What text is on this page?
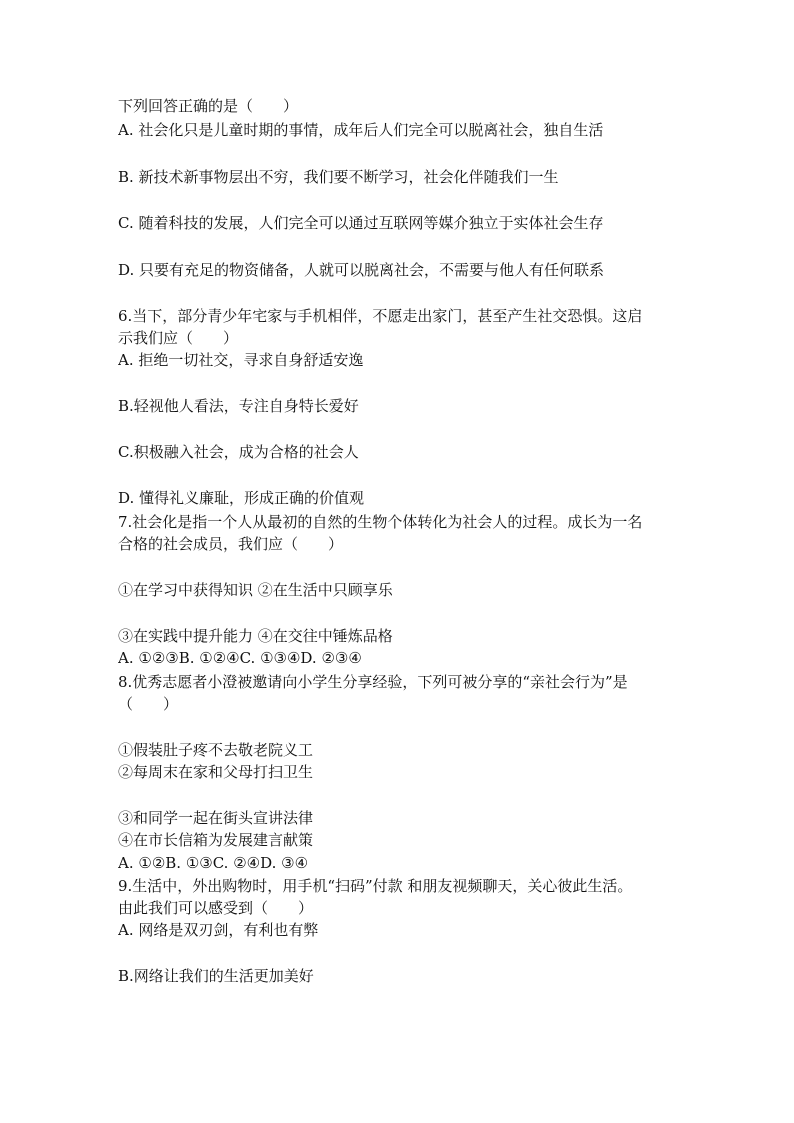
下列回答正确的是（　　）
A. 社会化只是儿童时期的事情，成年后人们完全可以脱离社会，独自生活
B. 新技术新事物层出不穷，我们要不断学习，社会化伴随我们一生
C. 随着科技的发展，人们完全可以通过互联网等媒介独立于实体社会生存
D. 只要有充足的物资储备，人就可以脱离社会，不需要与他人有任何联系
6.当下，部分青少年宅家与手机相伴，不愿走出家门，甚至产生社交恐惧。这启
示我们应（　　）
A. 拒绝一切社交，寻求自身舒适安逸
B.轻视他人看法，专注自身特长爱好
C.积极融入社会，成为合格的社会人
D. 懂得礼义廉耻，形成正确的价值观
7.社会化是指一个人从最初的自然的生物个体转化为社会人的过程。成长为一名
合格的社会成员，我们应（　　）
①在学习中获得知识 ②在生活中只顾享乐
③在实践中提升能力 ④在交往中锤炼品格
A. ①②③B. ①②④C. ①③④D. ②③④
8.优秀志愿者小澄被邀请向小学生分享经验，下列可被分享的“亲社会行为”是
（　　）
①假装肚子疼不去敬老院义工
②每周末在家和父母打扫卫生
③和同学一起在街头宣讲法律
④在市长信箱为发展建言献策
A. ①②B. ①③C. ②④D. ③④
9.生活中，外出购物时，用手机“扫码”付款 和朋友视频聊天，关心彼此生活。
由此我们可以感受到（　　）
A. 网络是双刃剑，有利也有弊
B.网络让我们的生活更加美好
